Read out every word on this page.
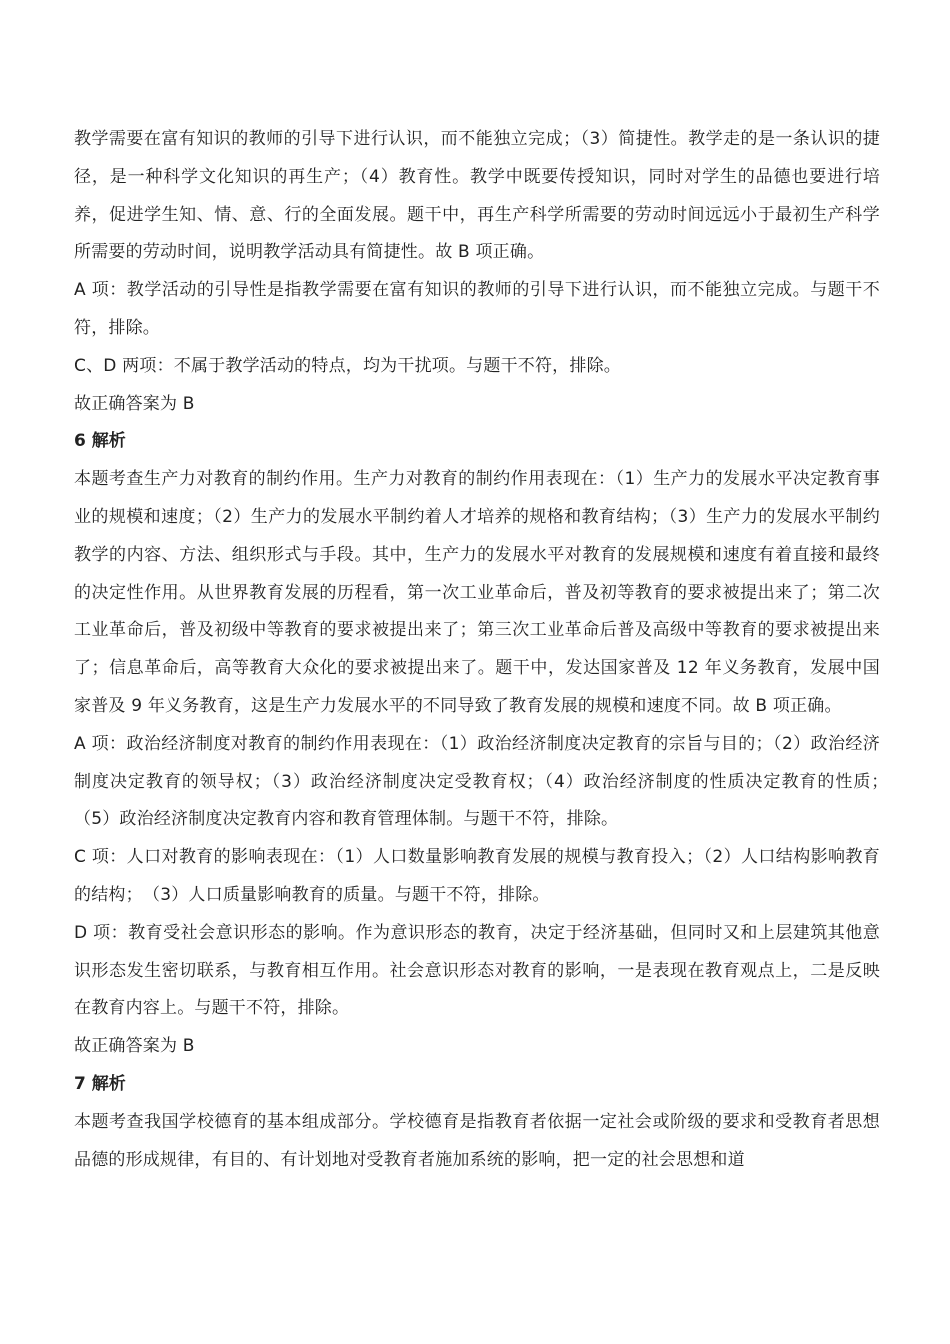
教学需要在富有知识的教师的引导下进行认识，而不能独立完成；（3）简捷性。教学走的是一条认识的捷径，是一种科学文化知识的再生产；（4）教育性。教学中既要传授知识，同时对学生的品德也要进行培养，促进学生知、情、意、行的全面发展。题干中，再生产科学所需要的劳动时间远远小于最初生产科学所需要的劳动时间，说明教学活动具有简捷性。故 B 项正确。

A 项：教学活动的引导性是指教学需要在富有知识的教师的引导下进行认识，而不能独立完成。与题干不符，排除。

C、D 两项：不属于教学活动的特点，均为干扰项。与题干不符，排除。

故正确答案为 B

6 解析

本题考查生产力对教育的制约作用。生产力对教育的制约作用表现在：（1）生产力的发展水平决定教育事业的规模和速度；（2）生产力的发展水平制约着人才培养的规格和教育结构；（3）生产力的发展水平制约教学的内容、方法、组织形式与手段。其中，生产力的发展水平对教育的发展规模和速度有着直接和最终的决定性作用。从世界教育发展的历程看，第一次工业革命后，普及初等教育的要求被提出来了；第二次工业革命后，普及初级中等教育的要求被提出来了；第三次工业革命后普及高级中等教育的要求被提出来了；信息革命后，高等教育大众化的要求被提出来了。题干中，发达国家普及 12 年义务教育，发展中国家普及 9 年义务教育，这是生产力发展水平的不同导致了教育发展的规模和速度不同。故 B 项正确。

A 项：政治经济制度对教育的制约作用表现在：（1）政治经济制度决定教育的宗旨与目的；（2）政治经济制度决定教育的领导权；（3）政治经济制度决定受教育权；（4）政治经济制度的性质决定教育的性质；　（5）政治经济制度决定教育内容和教育管理体制。与题干不符，排除。

C 项：人口对教育的影响表现在：（1）人口数量影响教育发展的规模与教育投入；（2）人口结构影响教育的结构；　（3）人口质量影响教育的质量。与题干不符，排除。

D 项：教育受社会意识形态的影响。作为意识形态的教育，决定于经济基础，但同时又和上层建筑其他意识形态发生密切联系，与教育相互作用。社会意识形态对教育的影响，一是表现在教育观点上，二是反映在教育内容上。与题干不符，排除。

故正确答案为 B

7 解析

本题考查我国学校德育的基本组成部分。学校德育是指教育者依据一定社会或阶级的要求和受教育者思想品德的形成规律，有目的、有计划地对受教育者施加系统的影响，把一定的社会思想和道
